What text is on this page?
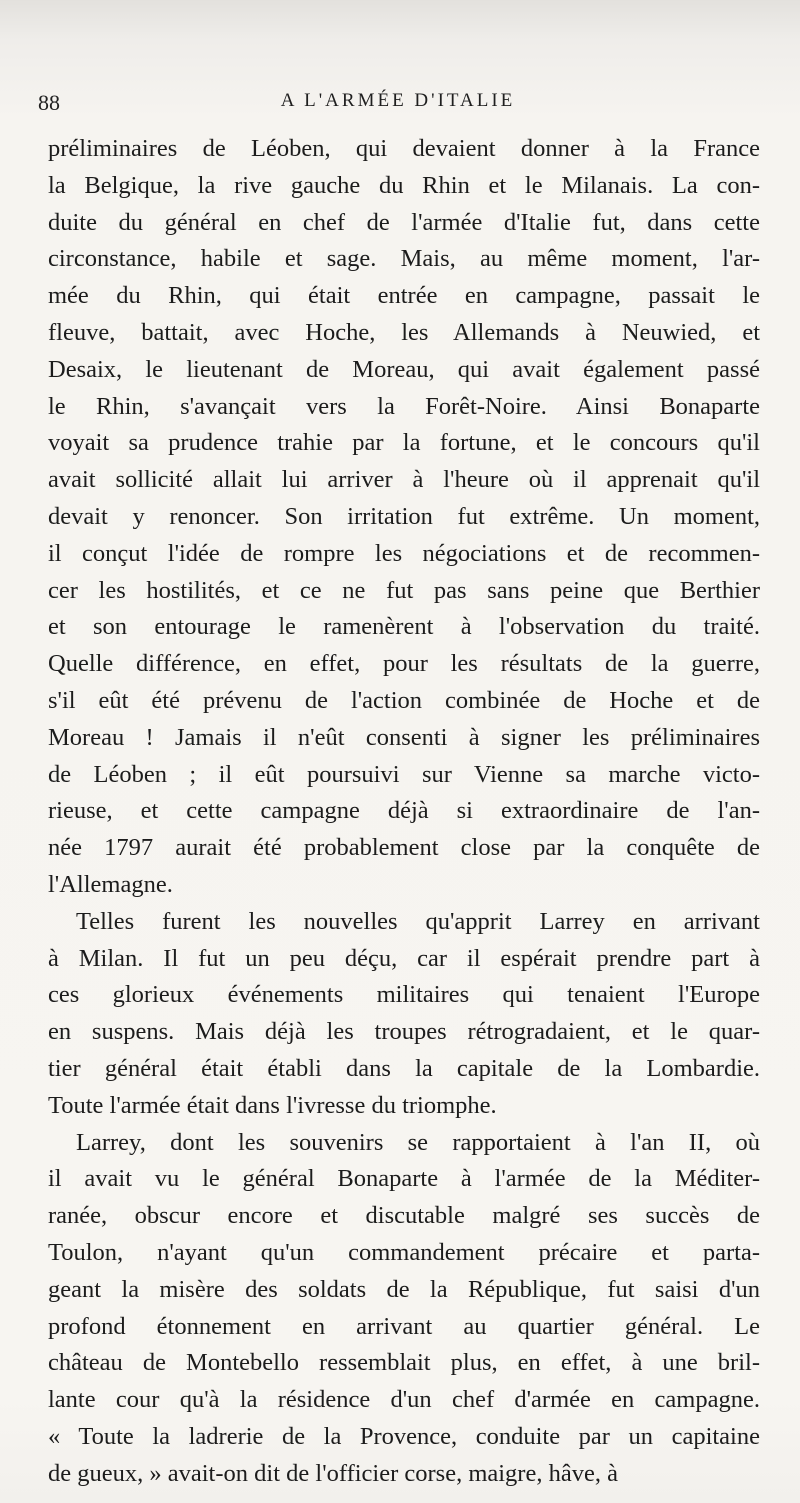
88	A L'ARMÉE D'ITALIE
préliminaires de Léoben, qui devaient donner à la France
la Belgique, la rive gauche du Rhin et le Milanais. La con-
duite du général en chef de l'armée d'Italie fut, dans cette
circonstance, habile et sage. Mais, au même moment, l'ar-
mée du Rhin, qui était entrée en campagne, passait le
fleuve, battait, avec Hoche, les Allemands à Neuwied, et
Desaix, le lieutenant de Moreau, qui avait également passé
le Rhin, s'avançait vers la Forêt-Noire. Ainsi Bonaparte
voyait sa prudence trahie par la fortune, et le concours qu'il
avait sollicité allait lui arriver à l'heure où il apprenait qu'il
devait y renoncer. Son irritation fut extrême. Un moment,
il conçut l'idée de rompre les négociations et de recommen-
cer les hostilités, et ce ne fut pas sans peine que Berthier
et son entourage le ramenèrent à l'observation du traité.
Quelle différence, en effet, pour les résultats de la guerre,
s'il eût été prévenu de l'action combinée de Hoche et de
Moreau ! Jamais il n'eût consenti à signer les préliminaires
de Léoben ; il eût poursuivi sur Vienne sa marche victo-
rieuse, et cette campagne déjà si extraordinaire de l'an-
née 1797 aurait été probablement close par la conquête de
l'Allemagne.
Telles furent les nouvelles qu'apprit Larrey en arrivant
à Milan. Il fut un peu déçu, car il espérait prendre part à
ces glorieux événements militaires qui tenaient l'Europe
en suspens. Mais déjà les troupes rétrogradaient, et le quar-
tier général était établi dans la capitale de la Lombardie.
Toute l'armée était dans l'ivresse du triomphe.
Larrey, dont les souvenirs se rapportaient à l'an II, où
il avait vu le général Bonaparte à l'armée de la Méditer-
ranée, obscur encore et discutable malgré ses succès de
Toulon, n'ayant qu'un commandement précaire et parta-
geant la misère des soldats de la République, fut saisi d'un
profond étonnement en arrivant au quartier général. Le
château de Montebello ressemblait plus, en effet, à une bril-
lante cour qu'à la résidence d'un chef d'armée en campagne.
« Toute la ladrerie de la Provence, conduite par un capitaine
de gueux, » avait-on dit de l'officier corse, maigre, hâve, à
